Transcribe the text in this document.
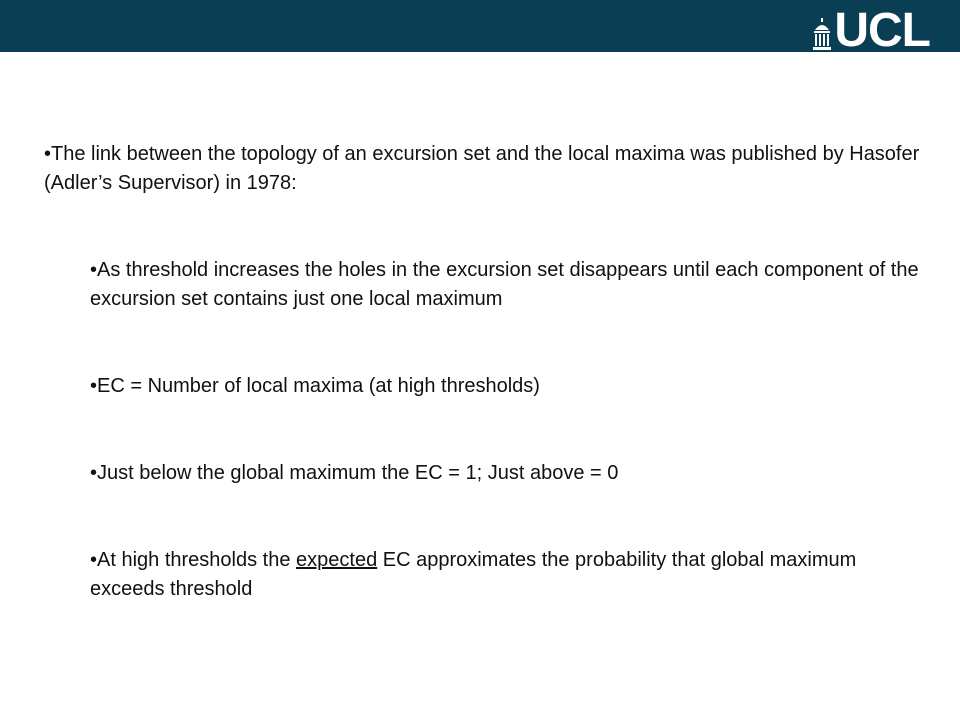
UCL

•The link between the topology of an excursion set and the local maxima was published by Hasofer (Adler’s Supervisor) in 1978:

•As threshold increases the holes in the excursion set disappears until each component of the excursion set contains just one local maximum

•EC = Number of local maxima (at high thresholds)

•Just below the global maximum the EC = 1; Just above = 0

•At high thresholds the expected EC approximates the probability that global maximum exceeds threshold
